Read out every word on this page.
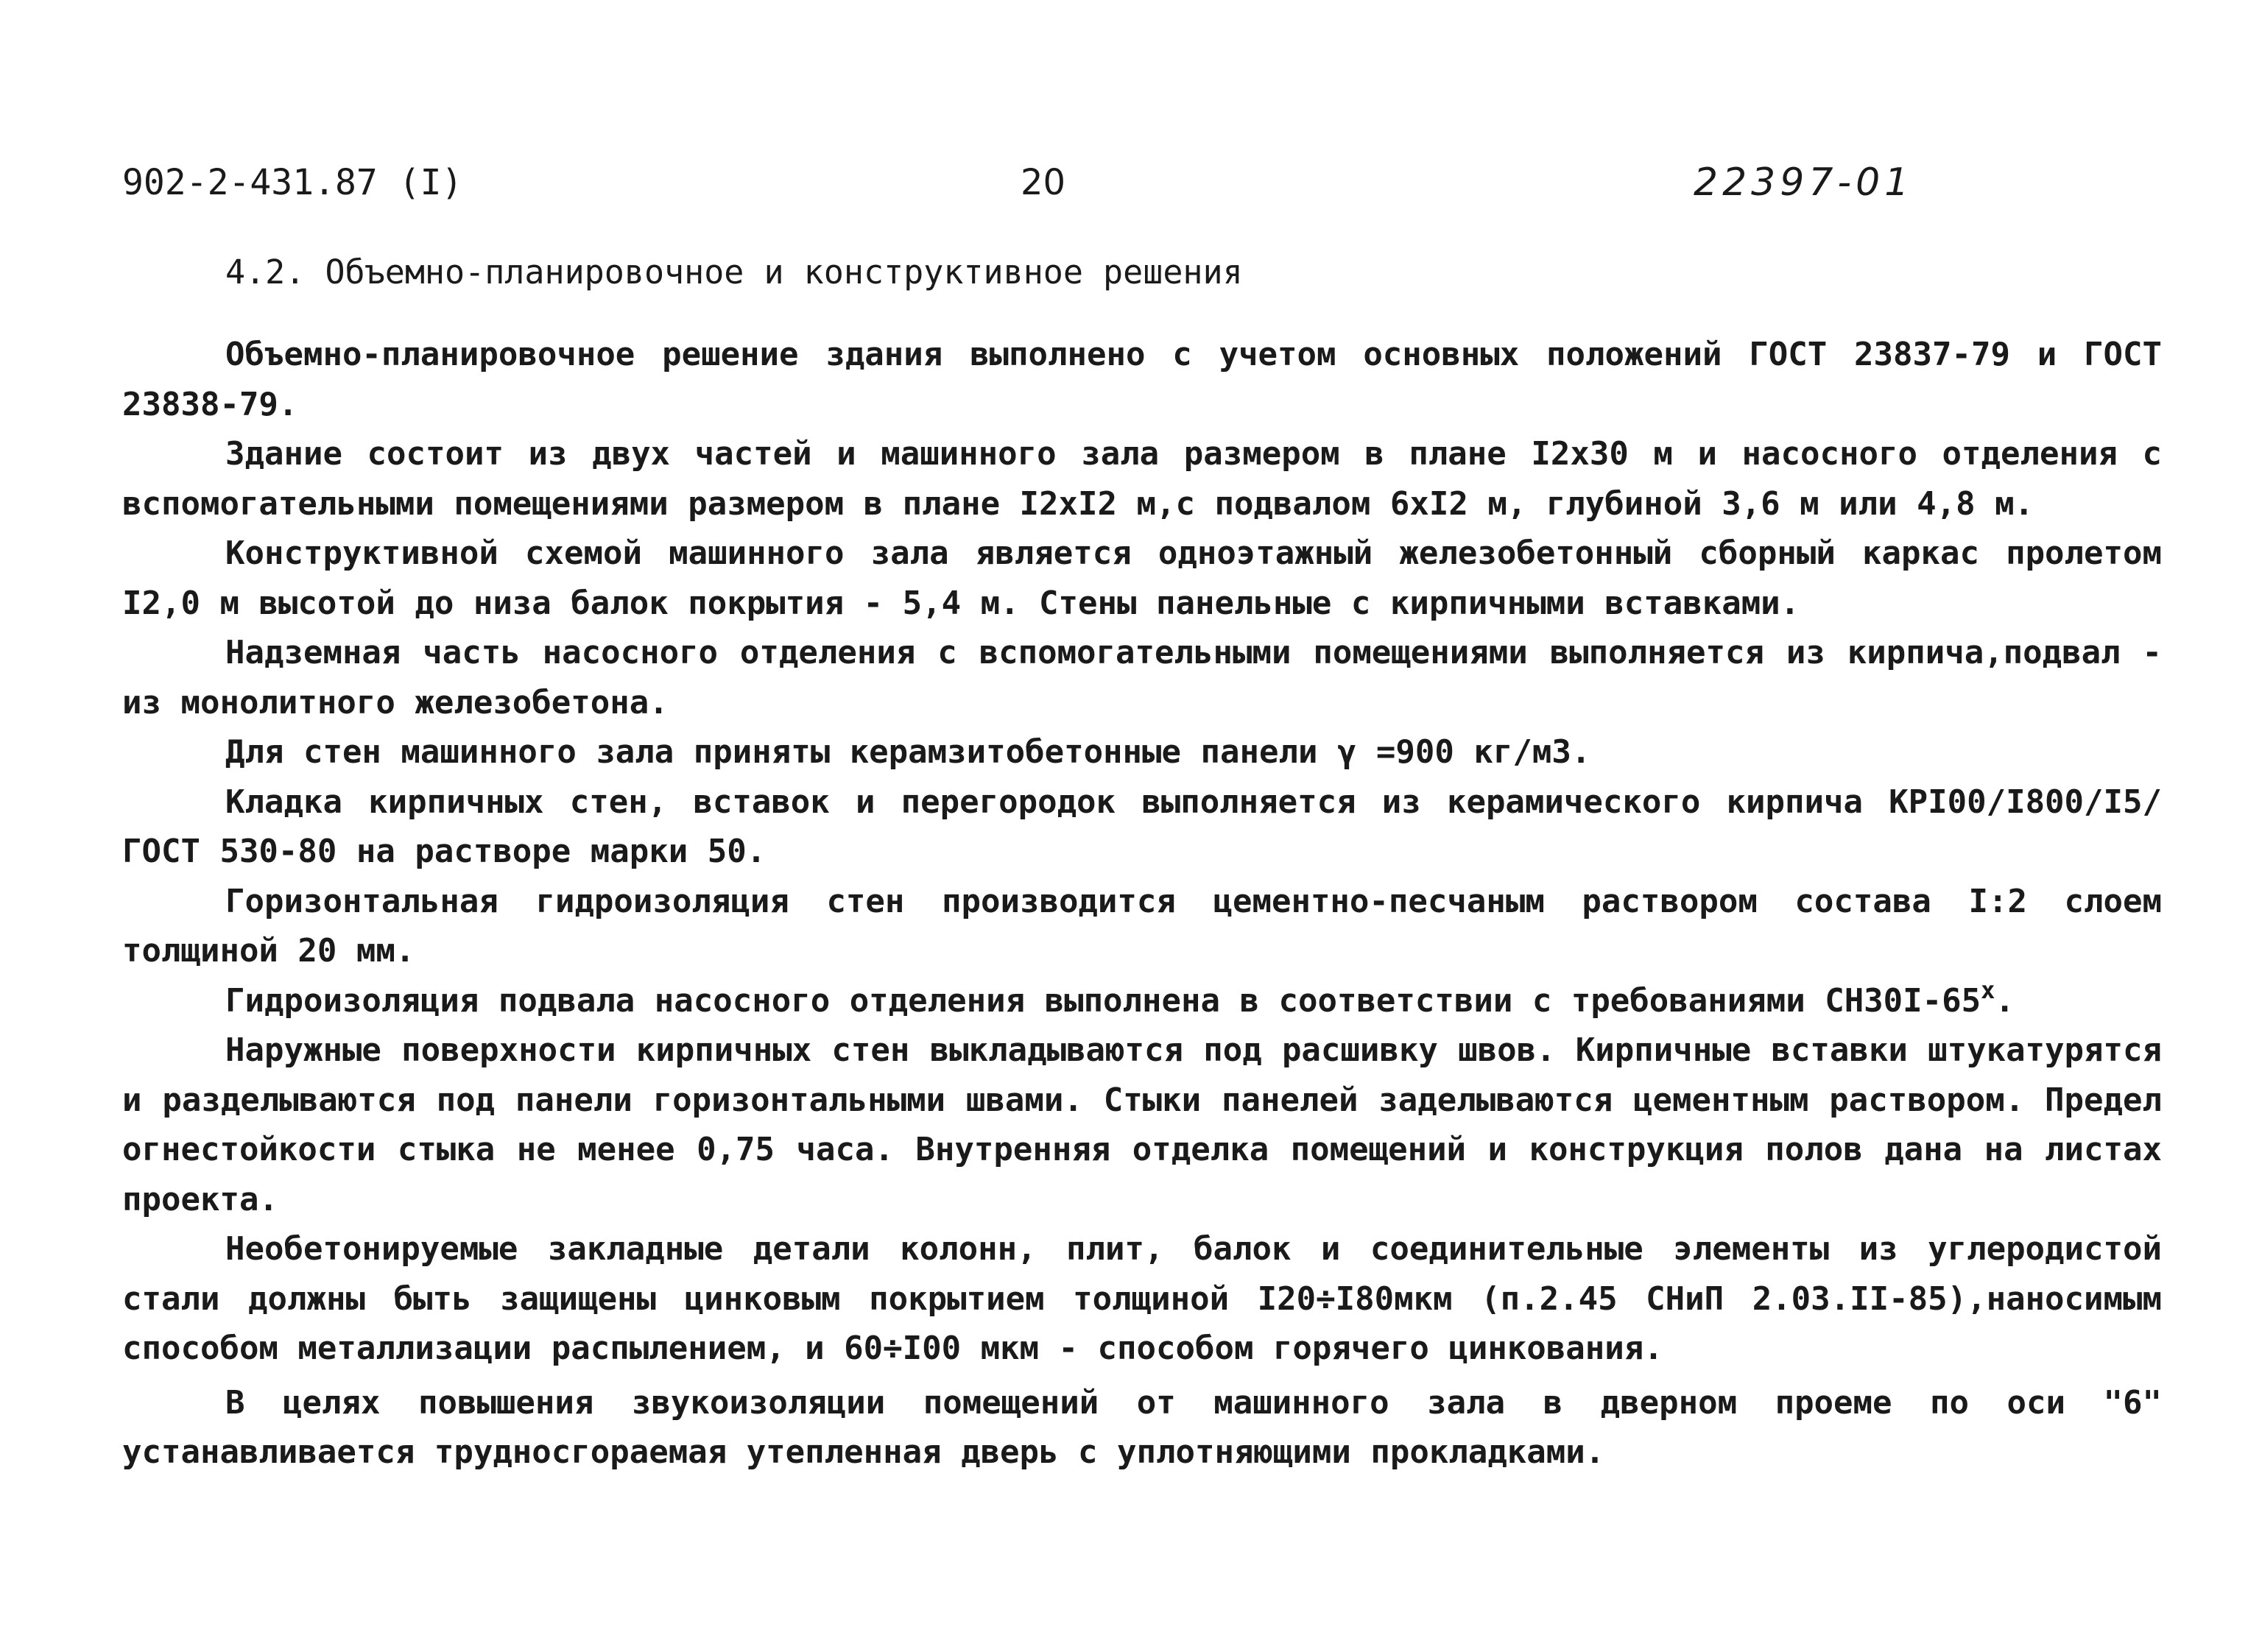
902-2-431.87 (I)	20	22397-01
4.2. Объемно-планировочное и конструктивное решения

Объемно-планировочное решение здания выполнено с учетом основных положений ГОСТ 23837-79 и ГОСТ 23838-79.

Здание состоит из двух частей и машинного зала размером в плане I2x30 м и насосного отделения с вспомогательными помещениями размером в плане I2xI2 м,с подвалом 6xI2 м, глубиной 3,6 м или 4,8 м.

Конструктивной схемой машинного зала является одноэтажный железобетонный сборный каркас пролетом I2,0 м высотой до низа балок покрытия - 5,4 м. Стены панельные с кирпичными вставками.

Надземная часть насосного отделения с вспомогательными помещениями выполняется из кирпича,подвал - из монолитного железобетона.

Для стен машинного зала приняты керамзитобетонные панели γ =900 кг/м3.

Кладка кирпичных стен, вставок и перегородок выполняется из керамического кирпича КРI00/I800/I5/ ГОСТ 530-80 на растворе марки 50.

Горизонтальная гидроизоляция стен производится цементно-песчаным раствором состава I:2 слоем толщиной 20 мм.

Гидроизоляция подвала насосного отделения выполнена в соответствии с требованиями СН30I-65$^x$.

Наружные поверхности кирпичных стен выкладываются под расшивку швов. Кирпичные вставки штукатурятся и разделываются под панели горизонтальными швами. Стыки панелей заделываются цементным раствором. Предел огнестойкости стыка не менее 0,75 часа. Внутренняя отделка помещений и конструкция полов дана на листах проекта.

Необетонируемые закладные детали колонн, плит, балок и соединительные элементы из углеродистой стали должны быть защищены цинковым покрытием толщиной I20÷I80мкм (п.2.45 СНиП 2.03.II-85),наносимым способом металлизации распылением, и 60÷I00 мкм - способом горячего цинкования.

В целях повышения звукоизоляции помещений от машинного зала в дверном проеме по оси "6" устанавливается трудносгораемая утепленная дверь с уплотняющими прокладками.
